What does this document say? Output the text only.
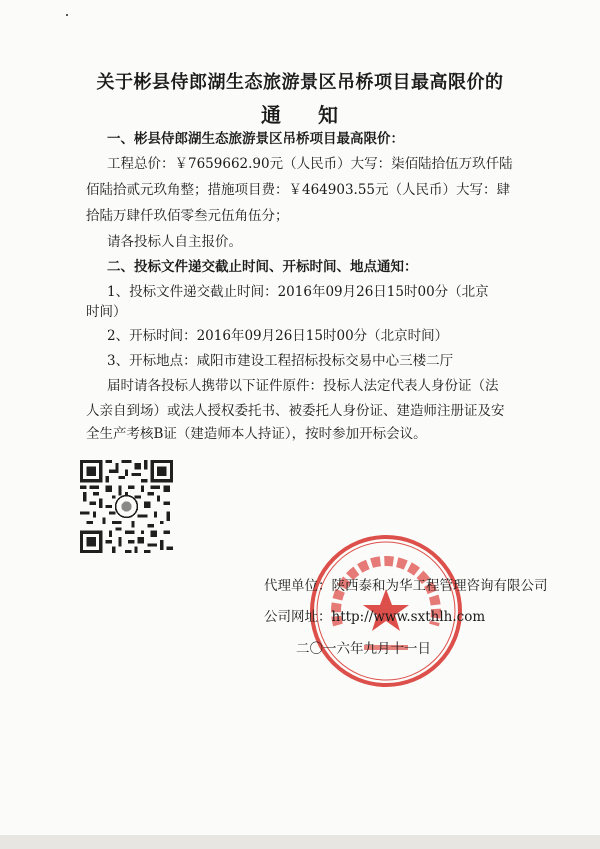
关于彬县侍郎湖生态旅游景区吊桥项目最高限价的
通 知
一、彬县侍郎湖生态旅游景区吊桥项目最高限价：
工程总价：￥7659662.90元（人民币）大写：柒佰陆拾伍万玖仟陆
佰陆拾贰元玖角整；措施项目费：￥464903.55元（人民币）大写：肆
拾陆万肆仟玖佰零叁元伍角伍分；
请各投标人自主报价。
二、投标文件递交截止时间、开标时间、地点通知：
1、投标文件递交截止时间：2016年09月26日15时00分（北京
时间）
2、开标时间：2016年09月26日15时00分（北京时间）
3、开标地点：咸阳市建设工程招标投标交易中心三楼二厅
届时请各投标人携带以下证件原件：投标人法定代表人身份证（法
人亲自到场）或法人授权委托书、被委托人身份证、建造师注册证及安
全生产考核B证（建造师本人持证），按时参加开标会议。
代理单位：陕西泰和为华工程管理咨询有限公司
公司网址：http://www.sxthlh.com
二〇一六年九月十一日
